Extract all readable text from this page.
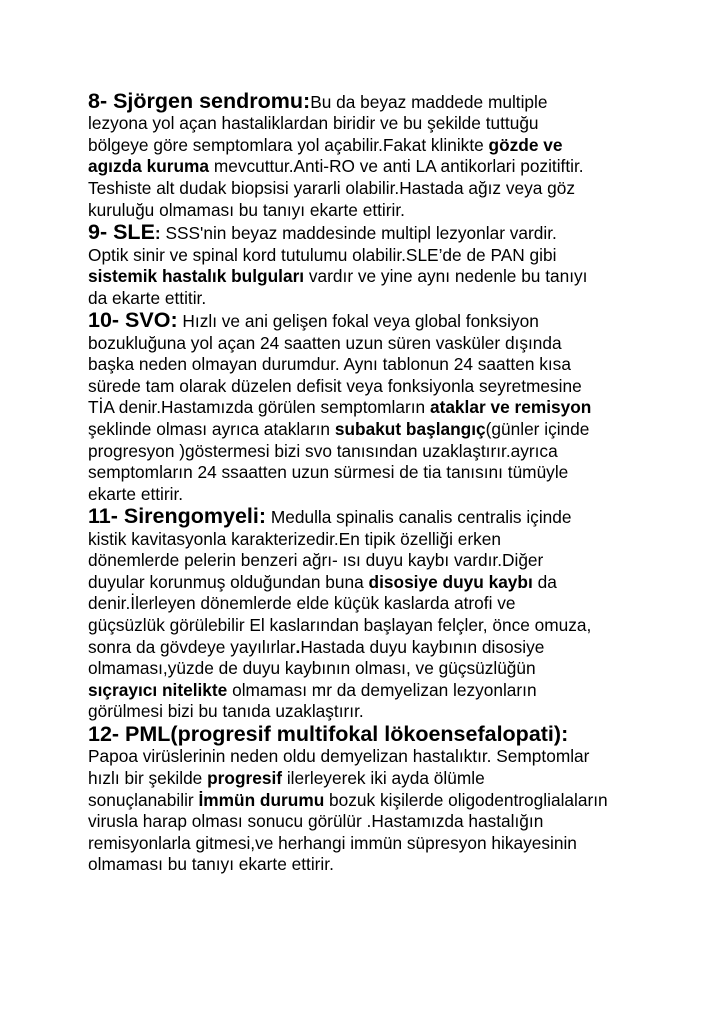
8- Sjörgen sendromu:Bu da beyaz maddede multiple
lezyona yol açan hastaliklardan biridir ve bu şekilde tuttuğu
bölgeye göre semptomlara yol açabilir.Fakat klinikte gözde ve
agızda kuruma mevcuttur.Anti-RO ve anti LA antikorlari pozitiftir.
Teshiste alt dudak biopsisi yararli olabilir.Hastada ağız veya göz
kuruluğu olmaması bu tanıyı ekarte ettirir.
9- SLE: SSS'nin beyaz maddesinde multipl lezyonlar vardir.
Optik sinir ve spinal kord tutulumu olabilir.SLE’de de PAN gibi
sistemik hastalık bulguları vardır ve yine aynı nedenle bu tanıyı
da ekarte ettitir.
10- SVO: Hızlı ve ani gelişen fokal veya global fonksiyon
bozukluğuna yol açan 24 saatten uzun süren vasküler dışında
başka neden olmayan durumdur. Aynı tablonun 24 saatten kısa
sürede tam olarak düzelen defisit veya fonksiyonla seyretmesine
TİA denir.Hastamızda görülen semptomların ataklar ve remisyon
şeklinde olması ayrıca atakların subakut başlangıç(günler içinde
progresyon )göstermesi bizi svo tanısından uzaklaştırır.ayrıca
semptomların 24 ssaatten uzun sürmesi de tia tanısını tümüyle
ekarte ettirir.
11- Sirengomyeli: Medulla spinalis canalis centralis içinde
kistik kavitasyonla karakterizedir.En tipik özelliği erken
dönemlerde pelerin benzeri ağrı- ısı duyu kaybı vardır.Diğer
duyular korunmuş olduğundan buna disosiye duyu kaybı da
denir.İlerleyen dönemlerde elde küçük kaslarda atrofi ve
güçsüzlük görülebilir El kaslarından başlayan felçler, önce omuza,
sonra da gövdeye yayılırlar.Hastada duyu kaybının disosiye
olmaması,yüzde de duyu kaybının olması, ve güçsüzlüğün
sıçrayıcı nitelikte olmaması mr da demyelizan lezyonların
görülmesi bizi bu tanıda uzaklaştırır.
12- PML(progresif multifokal lökoensefalopati):
Papoa virüslerinin neden oldu demyelizan hastalıktır. Semptomlar
hızlı bir şekilde progresif ilerleyerek iki ayda ölümle
sonuçlanabilir İmmün durumu bozuk kişilerde oligodentroglialaların
virusla harap olması sonucu görülür .Hastamızda hastalığın
remisyonlarla gitmesi,ve herhangi immün süpresyon hikayesinin
olmaması bu tanıyı ekarte ettirir.
